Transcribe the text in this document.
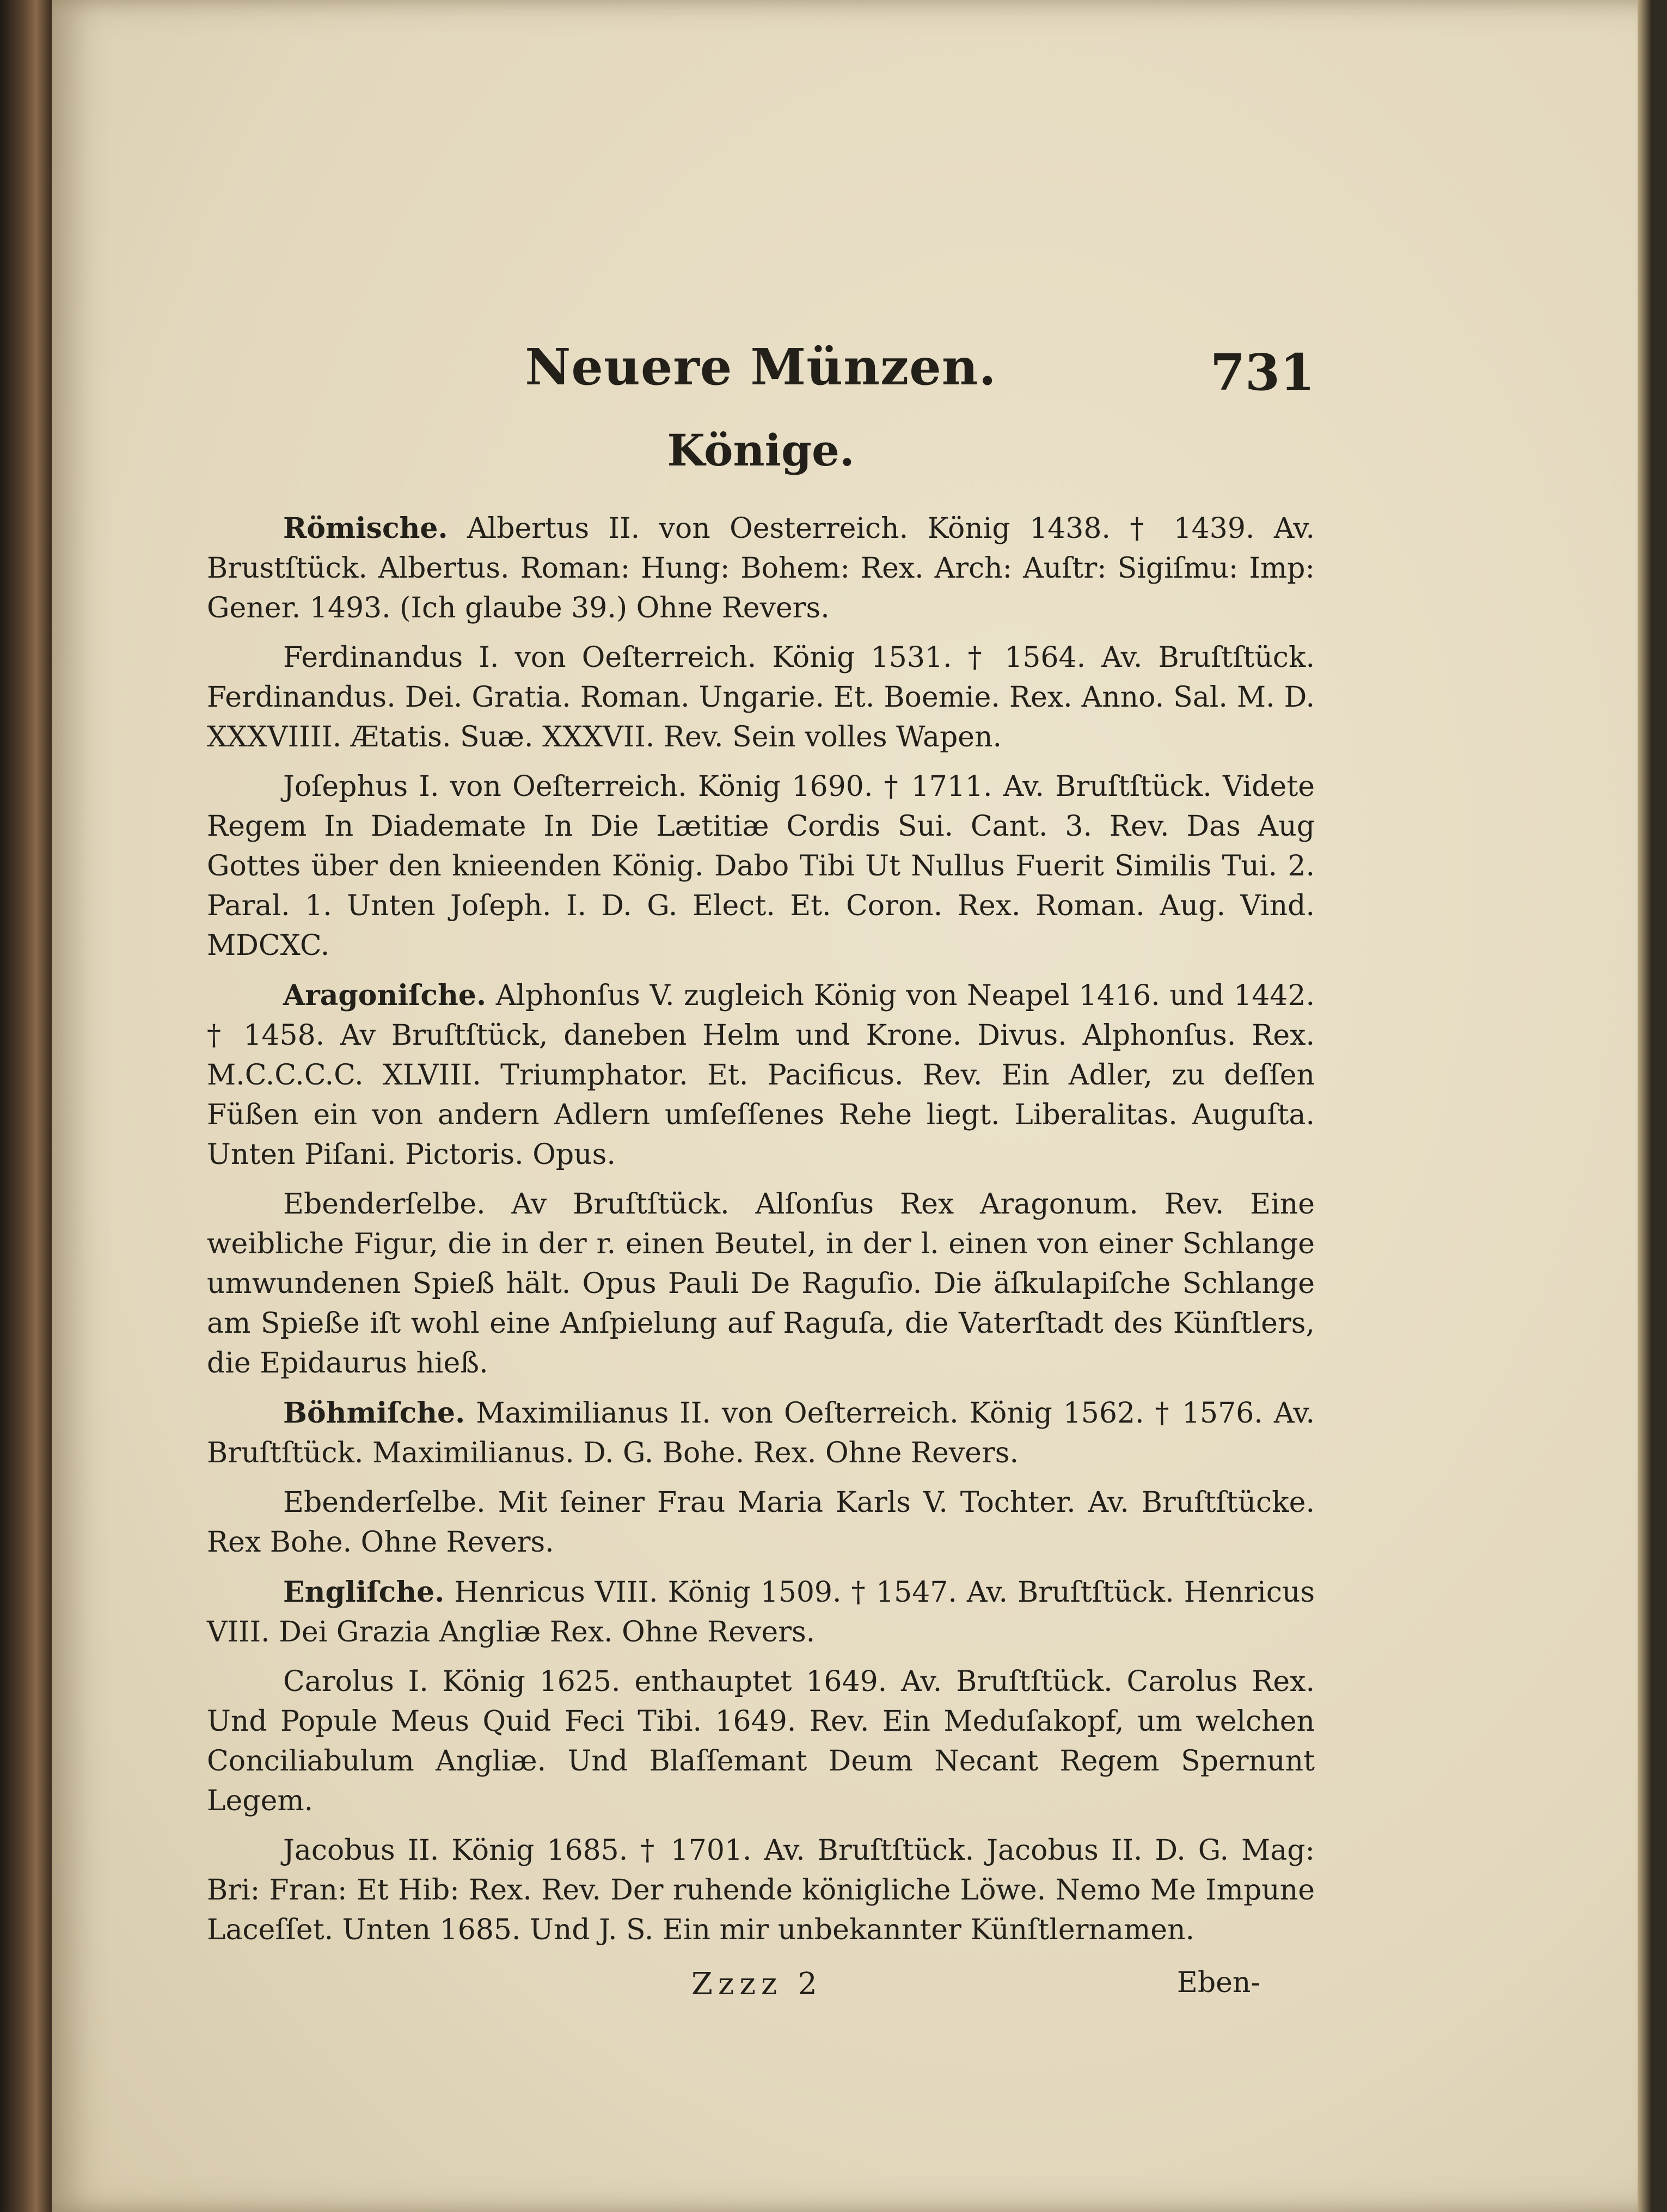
Neuere Münzen.	731
Könige.

Römische. Albertus II. von Oesterreich. König 1438. † 1439. Av. Brustſtück. Albertus. Roman: Hung: Bohem: Rex. Arch: Auſtr: Sigiſmu: Imp: Gener. 1493. (Ich glaube 39.) Ohne Revers.

Ferdinandus I. von Oeſterreich. König 1531. † 1564. Av. Bruſtſtück. Ferdinandus. Dei. Gratia. Roman. Ungarie. Et. Boemie. Rex. Anno. Sal. M. D. XXXVIIII. Ætatis. Suæ. XXXVII. Rev. Sein volles Wapen.

Joſephus I. von Oeſterreich. König 1690. † 1711. Av. Bruſtſtück. Videte Regem In Diademate In Die Lætitiæ Cordis Sui. Cant. 3. Rev. Das Aug Gottes über den knieenden König. Dabo Tibi Ut Nullus Fuerit Similis Tui. 2. Paral. 1. Unten Joſeph. I. D. G. Elect. Et. Coron. Rex. Roman. Aug. Vind. MDCXC.

Aragoniſche. Alphonſus V. zugleich König von Neapel 1416. und 1442. † 1458. Av Bruſtſtück, daneben Helm und Krone. Divus. Alphonſus. Rex. M.C.C.C.C. XLVIII. Triumphator. Et. Pacificus. Rev. Ein Adler, zu deſſen Füßen ein von andern Adlern umſeſſenes Rehe liegt. Liberalitas. Auguſta. Unten Piſani. Pictoris. Opus.

Ebenderſelbe. Av Bruſtſtück. Alſonſus Rex Aragonum. Rev. Eine weibliche Figur, die in der r. einen Beutel, in der l. einen von einer Schlange umwundenen Spieß hält. Opus Pauli De Raguſio. Die äſkulapiſche Schlange am Spieße iſt wohl eine Anſpielung auf Raguſa, die Vaterſtadt des Künſtlers, die Epidaurus hieß.

Böhmiſche. Maximilianus II. von Oeſterreich. König 1562. † 1576. Av. Bruſtſtück. Maximilianus. D. G. Bohe. Rex. Ohne Revers.

Ebenderſelbe. Mit ſeiner Frau Maria Karls V. Tochter. Av. Bruſtſtücke. Rex Bohe. Ohne Revers.

Engliſche. Henricus VIII. König 1509. † 1547. Av. Bruſtſtück. Henricus VIII. Dei Grazia Angliæ Rex. Ohne Revers.

Carolus I. König 1625. enthauptet 1649. Av. Bruſtſtück. Carolus Rex. Und Popule Meus Quid Feci Tibi. 1649. Rev. Ein Meduſakopf, um welchen Conciliabulum Angliæ. Und Blaſſemant Deum Necant Regem Spernunt Legem.

Jacobus II. König 1685. † 1701. Av. Bruſtſtück. Jacobus II. D. G. Mag: Bri: Fran: Et Hib: Rex. Rev. Der ruhende königliche Löwe. Nemo Me Impune Laceſſet. Unten 1685. Und J. S. Ein mir unbekannter Künſtlernamen.

Zzzz 2	Eben-
